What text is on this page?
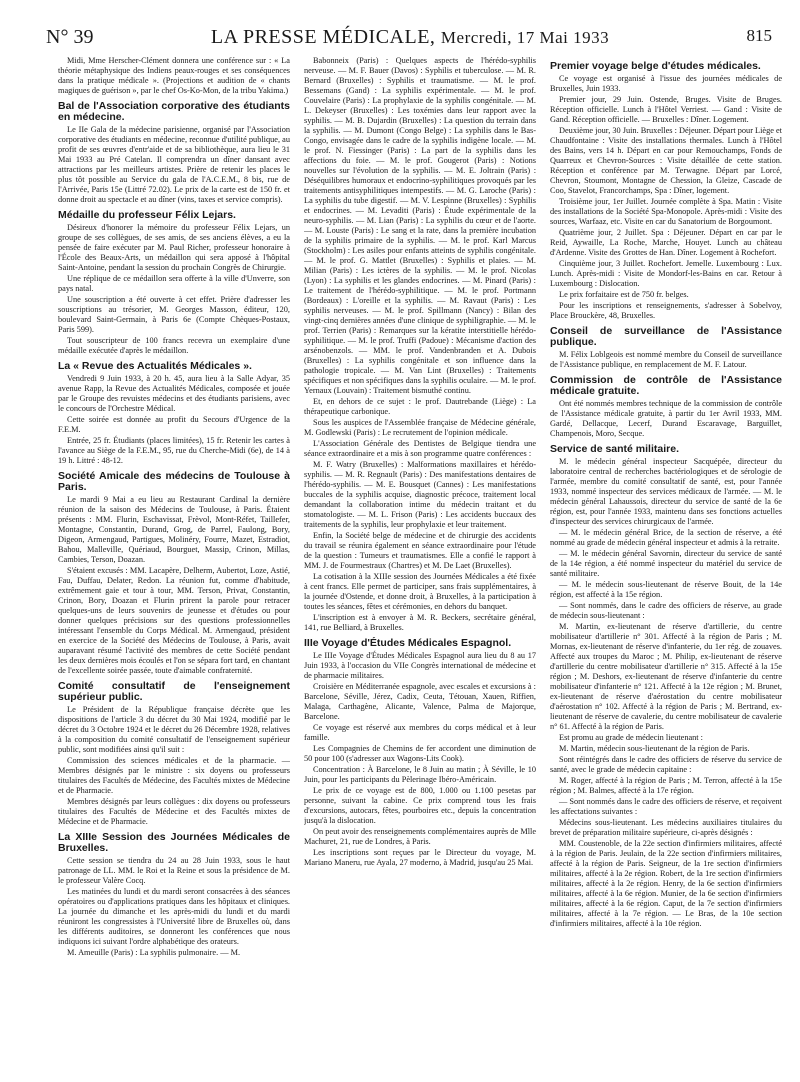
N° 39	LA PRESSE MÉDICALE, Mercredi, 17 Mai 1933	815

Midi, Mme Herscher-Clément donnera une conférence sur : « La théorie métaphysique des Indiens peaux-rouges et ses conséquences dans la pratique médicale ». (Projections et audition de « chants magiques de guérison », par le chef Os-Ko-Mon, de la tribu Yakima.)

Bal de l'Association corporative des étudiants en médecine.

Le IIe Gala de la médecine parisienne, organisé par l'Association corporative des étudiants en médecine, reconnue d'utilité publique, au profit de ses œuvres d'entr'aide et de sa bibliothèque, aura lieu le 31 Mai 1933 au Pré Catelan. Il comprendra un dîner dansant avec attractions par les meilleurs artistes. Prière de retenir les places le plus tôt possible au Service du gala de l'A.C.E.M., 8 bis, rue de l'Arrivée, Paris 15e (Littré 72.02). Le prix de la carte est de 150 fr. et donne droit au spectacle et au dîner (vins, taxes et service compris).

Médaille du professeur Félix Lejars.

Désireux d'honorer la mémoire du professeur Félix Lejars, un groupe de ses collègues, de ses amis, de ses anciens élèves, a eu la pensée de faire exécuter par M. Paul Richer, professeur honoraire à l'École des Beaux-Arts, un médaillon qui sera apposé à l'hôpital Saint-Antoine, pendant la session du prochain Congrès de Chirurgie.

Une réplique de ce médaillon sera offerte à la ville d'Unverre, son pays natal.

Une souscription a été ouverte à cet effet. Prière d'adresser les souscriptions au trésorier, M. Georges Masson, éditeur, 120, boulevard Saint-Germain, à Paris 6e (Compte Chèques-Postaux, Paris 599).

Tout souscripteur de 100 francs recevra un exemplaire d'une médaille exécutée d'après le médaillon.

La « Revue des Actualités Médicales ».

Vendredi 9 Juin 1933, à 20 h. 45, aura lieu à la Salle Adyar, 35 avenue Rapp, la Revue des Actualités Médicales, composée et jouée par le Groupe des revuistes médecins et des étudiants parisiens, avec le concours de l'Orchestre Médical.

Cette soirée est donnée au profit du Secours d'Urgence de la F.E.M.

Entrée, 25 fr. Étudiants (places limitées), 15 fr. Retenir les cartes à l'avance au Siège de la F.E.M., 95, rue du Cherche-Midi (6e), de 14 à 19 h. Littré : 48-12.

Société Amicale des médecins de Toulouse à Paris.

Le mardi 9 Mai a eu lieu au Restaurant Cardinal la dernière réunion de la saison des Médecins de Toulouse, à Paris. Étaient présents : MM. Flurin, Eschavissat, Frèvol, Mont-Réfet, Taillefer, Montagne, Constantin, Durand, Grog, de Parrel, Faulong, Bory, Digeon, Armengaud, Partigues, Molinéry, Fourre, Mazet, Estradiot, Bahou, Malleville, Quériaud, Bourguet, Massip, Crinon, Millas, Cambies, Terson, Doazan.

S'étaient excusés : MM. Lacapère, Delherm, Aubertot, Loze, Astié, Fau, Duffau, Delater, Redon. La réunion fut, comme d'habitude, extrêmement gaie et tour à tour, MM. Terson, Privat, Constantin, Crinon, Bory, Doazan et Flurin prirent la parole pour retracer quelques-uns de leurs souvenirs de jeunesse et d'études ou pour donner quelques précisions sur des questions professionnelles intéressant l'ensemble du Corps Médical. M. Armengaud, président en exercice de la Société des Médecins de Toulouse, à Paris, avait auparavant résumé l'activité des membres de cette Société pendant les deux dernières mois écoulés et l'on se sépara fort tard, en chantant de l'excellente soirée passée, toute d'aimable confraternité.

Comité consultatif de l'enseignement supérieur public.

Le Président de la République française décrète que les dispositions de l'article 3 du décret du 30 Mai 1924, modifié par le décret du 3 Octobre 1924 et le décret du 26 Décembre 1928, relatives à la composition du comité consultatif de l'enseignement supérieur public, sont modifiées ainsi qu'il suit :

Commission des sciences médicales et de la pharmacie. — Membres désignés par le ministre : six doyens ou professeurs titulaires des Facultés de Médecine, des Facultés mixtes de Médecine et de Pharmacie.

Membres désignés par leurs collègues : dix doyens ou professeurs titulaires des Facultés de Médecine et des Facultés mixtes de Médecine et de Pharmacie.

La XIIIe Session des Journées Médicales de Bruxelles.

Cette session se tiendra du 24 au 28 Juin 1933, sous le haut patronage de LL. MM. le Roi et la Reine et sous la présidence de M. le professeur Valère Cocq.

Les matinées du lundi et du mardi seront consacrées à des séances opératoires ou d'applications pratiques dans les hôpitaux et cliniques. La journée du dimanche et les après-midi du lundi et du mardi réuniront les congressistes à l'Université libre de Bruxelles où, dans les différents auditoires, se donneront les conférences que nous indiquons ici suivant l'ordre alphabétique des orateurs.

M. Ameuille (Paris) : La syphilis pulmonaire. — M.

Babonneix (Paris) : Quelques aspects de l'hérédo-syphilis nerveuse. — M. F. Bauer (Davos) : Syphilis et tuberculose. — M. R. Bernard (Bruxelles) : Syphilis et traumatisme. — M. le prof. Bessemans (Gand) : La syphilis expérimentale. — M. le prof. Couvelaire (Paris) : La prophylaxie de la syphilis congénitale. — M. L. Dekeyser (Bruxelles) : Les toxémies dans leur rapport avec la syphilis. — M. B. Dujardin (Bruxelles) : La question du terrain dans la syphilis. — M. Dumont (Congo Belge) : La syphilis dans le Bas-Congo, envisagée dans le cadre de la syphilis indigène locale. — M. le prof. N. Fiessinger (Paris) : La part de la syphilis dans les affections du foie. — M. le prof. Gougerot (Paris) : Notions nouvelles sur l'évolution de la syphilis. — M. E. Joltrain (Paris) : Déséquilibres humoraux et endocrino-syphilitiques provoqués par les traitements antisyphilitiques intempestifs. — M. G. Laroche (Paris) : La syphilis du tube digestif. — M. V. Lespinne (Bruxelles) : Syphilis et endocrines. — M. Levaditi (Paris) : Étude expérimentale de la neuro-syphilis. — M. Lian (Paris) : La syphilis du cœur et de l'aorte. — M. Louste (Paris) : Le sang et la rate, dans la première incubation de la syphilis primaire de la syphilis. — M. le prof. Karl Marcus (Stockholm) : Les asiles pour enfants atteints de syphilis congénitale. — M. le prof. G. Mattlet (Bruxelles) : Syphilis et plaies. — M. Milian (Paris) : Les ictères de la syphilis. — M. le prof. Nicolas (Lyon) : La syphilis et les glandes endocrines. — M. Pinard (Paris) : Le traitement de l'hérédo-syphilitique. — M. le prof. Portmann (Bordeaux) : L'oreille et la syphilis. — M. Ravaut (Paris) : Les syphilis nerveuses. — M. le prof. Spillmann (Nancy) : Bilan des vingt-cinq dernières années d'une clinique de syphiligraphie. — M. le prof. Terrien (Paris) : Remarques sur la kératite interstitielle hérédo-syphilitique. — M. le prof. Truffi (Padoue) : Mécanisme d'action des arsénobenzols. — MM. le prof. Vandenbranden et A. Dubois (Bruxelles) : La syphilis congénitale et son influence dans la pathologie tropicale. — M. Van Lint (Bruxelles) : Traitements spécifiques et non spécifiques dans la syphilis oculaire. — M. le prof. Yernaux (Louvain) : Traitement bismuthé continu.

Et, en dehors de ce sujet : le prof. Dautrebande (Liège) : La thérapeutique carbonique.

Sous les auspices de l'Assemblée française de Médecine générale, M. Godlewski (Paris) : Le recrutement de l'opinion médicale.

L'Association Générale des Dentistes de Belgique tiendra une séance extraordinaire et a mis à son programme quatre conférences :

M. F. Watry (Bruxelles) : Malformations maxillaires et hérédo-syphilis. — M. R. Regnault (Paris) : Des manifestations dentaires de l'hérédo-syphilis. — M. E. Bousquet (Cannes) : Les manifestations buccales de la syphilis acquise, diagnostic précoce, traitement local demandant la collaboration intime du médecin traitant et du stomatologiste. — M. L. Frison (Paris) : Les accidents buccaux des traitements de la syphilis, leur prophylaxie et leur traitement.

Enfin, la Société belge de médecine et de chirurgie des accidents du travail se réunira également en séance extraordinaire pour l'étude de la question : Tumeurs et traumatismes. Elle a confié le rapport à MM. J. de Fourmestraux (Chartres) et M. De Laet (Bruxelles).

La cotisation à la XIIIe session des Journées Médicales a été fixée à cent francs. Elle permet de participer, sans frais supplémentaires, à la journée d'Ostende, et donne droit, à Bruxelles, à la participation à toutes les séances, fêtes et cérémonies, en dehors du banquet.

L'inscription est à envoyer à M. R. Beckers, secrétaire général, 141, rue Belliard, à Bruxelles.

IIIe Voyage d'Études Médicales Espagnol.

Le IIIe Voyage d'Études Médicales Espagnol aura lieu du 8 au 17 Juin 1933, à l'occasion du VIIe Congrès international de médecine et de pharmacie militaires.

Croisière en Méditerranée espagnole, avec escales et excursions à : Barcelone, Séville, Jérez, Cadix, Ceuta, Tétouan, Xauen, Riffien, Malaga, Carthagène, Alicante, Valence, Palma de Majorque, Barcelone.

Ce voyage est réservé aux membres du corps médical et à leur famille.

Les Compagnies de Chemins de fer accordent une diminution de 50 pour 100 (s'adresser aux Wagons-Lits Cook).

Concentration : À Barcelone, le 8 Juin au matin ; À Séville, le 10 Juin, pour les participants du Pèlerinage Ibéro-Américain.

Le prix de ce voyage est de 800, 1.000 ou 1.100 pesetas par personne, suivant la cabine. Ce prix comprend tous les frais d'excursions, autocars, fêtes, pourboires etc., depuis la concentration jusqu'à la dislocation.

On peut avoir des renseignements complémentaires auprès de Mlle Machuret, 21, rue de Londres, à Paris.

Les inscriptions sont reçues par le Directeur du voyage, M. Mariano Maneru, rue Ayala, 27 moderno, à Madrid, jusqu'au 25 Mai.

Premier voyage belge d'études médicales.

Ce voyage est organisé à l'issue des journées médicales de Bruxelles, Juin 1933.

Premier jour, 29 Juin. Ostende, Bruges. Visite de Bruges. Réception officielle. Lunch à l'Hôtel Verriest. — Gand : Visite de Gand. Réception officielle. — Bruxelles : Dîner. Logement.

Deuxième jour, 30 Juin. Bruxelles : Déjeuner. Départ pour Liège et Chaudfontaine : Visite des installations thermales. Lunch à l'Hôtel des Bains, vers 14 h. Départ en car pour Remouchamps, Fonds de Quarreux et Chevron-Sources : Visite détaillée de cette station. Réception et conférence par M. Terwagne. Départ par Lorcé, Chevron, Stoumont, Montagne de Chession, la Gleize, Cascade de Coo, Stavelot, Francorchamps, Spa : Dîner, logement.

Troisième jour, 1er Juillet. Journée complète à Spa. Matin : Visite des installations de la Société Spa-Monopole. Après-midi : Visite des sources, Warfaaz, etc. Visite en car du Sanatorium de Borgoumont.

Quatrième jour, 2 Juillet. Spa : Déjeuner. Départ en car par le Reid, Aywaille, La Roche, Marche, Houyet. Lunch au château d'Ardenne. Visite des Grottes de Han. Dîner. Logement à Rochefort.

Cinquième jour, 3 Juillet. Rochefort. Jemelle. Luxembourg : Lux. Lunch. Après-midi : Visite de Mondorf-les-Bains en car. Retour à Luxembourg : Dislocation.

Le prix forfaitaire est de 750 fr. belges.

Pour les inscriptions et renseignements, s'adresser à Sobelvoy, Place Brouckère, 48, Bruxelles.

Conseil de surveillance de l'Assistance publique.

M. Félix Loblgeois est nommé membre du Conseil de surveillance de l'Assistance publique, en remplacement de M. F. Latour.

Commission de contrôle de l'Assistance médicale gratuite.

Ont été nommés membres technique de la commission de contrôle de l'Assistance médicale gratuite, à partir du 1er Avril 1933, MM. Gardé, Dellacque, Lecerf, Durand Escaravage, Barguillet, Champenois, Moro, Secque.

Service de santé militaire.

M. le médecin général inspecteur Sacquépée, directeur du laboratoire central de recherches bactériologiques et de sérologie de l'armée, membre du comité consultatif de santé, est, pour l'année 1933, nommé inspecteur des services médicaux de l'armée. — M. le médecin général Lahaussois, directeur du service de santé de la 6e région, est, pour l'année 1933, maintenu dans ses fonctions actuelles d'inspecteur des services chirurgicaux de l'armée.

— M. le médecin général Brice, de la section de réserve, a été nommé au grade de médecin général inspecteur et admis à la retraite.

— M. le médecin général Savornin, directeur du service de santé de la 14e région, a été nommé inspecteur du matériel du service de santé militaire.

— M. le médecin sous-lieutenant de réserve Bouit, de la 14e région, est affecté à la 15e région.

— Sont nommés, dans le cadre des officiers de réserve, au grade de médecin sous-lieutenant :

M. Martin, ex-lieutenant de réserve d'artillerie, du centre mobilisateur d'artillerie n° 301. Affecté à la région de Paris ; M. Mornas, ex-lieutenant de réserve d'infanterie, du 1er rég. de zouaves. Affecté aux troupes du Maroc ; M. Philip, ex-lieutenant de réserve d'artillerie du centre mobilisateur d'artillerie n° 315. Affecté à la 15e région ; M. Deshors, ex-lieutenant de réserve d'infanterie du centre mobilisateur d'infanterie n° 121. Affecté à la 12e région ; M. Brunet, ex-lieutenant de réserve d'aérostation du centre mobilisateur d'aérostation n° 102. Affecté à la région de Paris ; M. Bertrand, ex-lieutenant de réserve de cavalerie, du centre mobilisateur de cavalerie n° 61. Affecté à la région de Paris.

Est promu au grade de médecin lieutenant :

M. Martin, médecin sous-lieutenant de la région de Paris.

Sont réintégrés dans le cadre des officiers de réserve du service de santé, avec le grade de médecin capitaine :

M. Roger, affecté à la région de Paris ; M. Terron, affecté à la 15e région ; M. Balmes, affecté à la 17e région.

— Sont nommés dans le cadre des officiers de réserve, et reçoivent les affectations suivantes :

Médecins sous-lieutenant. Les médecins auxiliaires titulaires du brevet de préparation militaire supérieure, ci-après désignés :

MM. Coustenoble, de la 22e section d'infirmiers militaires, affecté à la région de Paris. Jeulain, de la 22e section d'infirmiers militaires, affecté à la région de Paris. Seigneur, de la 1re section d'infirmiers militaires, affecté à la 2e région. Robert, de la 1re section d'infirmiers militaires, affecté à la 2e région. Henry, de la 6e section d'infirmiers militaires, affecté à la 6e région. Munier, de la 6e section d'infirmiers militaires, affecté à la 6e région. Caput, de la 7e section d'infirmiers militaires, affecté à la 7e région. — Le Bras, de la 10e section d'infirmiers militaires, affecté à la 10e région.
